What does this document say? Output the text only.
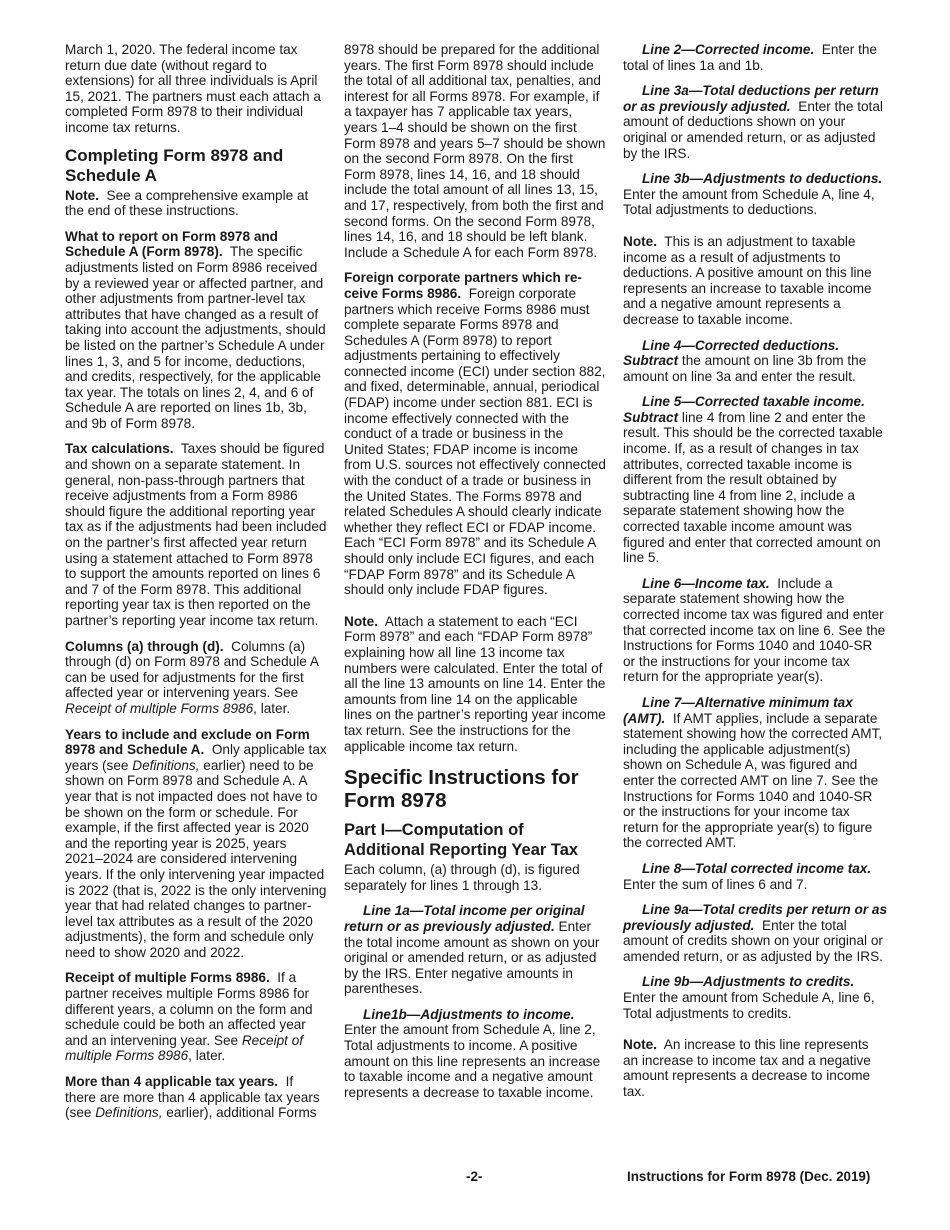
March 1, 2020. The federal income tax return due date (without regard to extensions) for all three individuals is April 15, 2021. The partners must each attach a completed Form 8978 to their individual income tax returns.

Completing Form 8978 and Schedule A

Note. See a comprehensive example at the end of these instructions.

What to report on Form 8978 and Schedule A (Form 8978). The specific adjustments listed on Form 8986 received by a reviewed year or affected partner, and other adjustments from partner-level tax attributes that have changed as a result of taking into account the adjustments, should be listed on the partner’s Schedule A under lines 1, 3, and 5 for income, deductions, and credits, respectively, for the applicable tax year. The totals on lines 2, 4, and 6 of Schedule A are reported on lines 1b, 3b, and 9b of Form 8978.

Tax calculations. Taxes should be figured and shown on a separate statement. In general, non-pass-through partners that receive adjustments from a Form 8986 should figure the additional reporting year tax as if the adjustments had been included on the partner’s first affected year return using a statement attached to Form 8978 to support the amounts reported on lines 6 and 7 of the Form 8978. This additional reporting year tax is then reported on the partner’s reporting year income tax return.

Columns (a) through (d). Columns (a) through (d) on Form 8978 and Schedule A can be used for adjustments for the first affected year or intervening years. See Receipt of multiple Forms 8986, later.

Years to include and exclude on Form 8978 and Schedule A. Only applicable tax years (see Definitions, earlier) need to be shown on Form 8978 and Schedule A. A year that is not impacted does not have to be shown on the form or schedule. For example, if the first affected year is 2020 and the reporting year is 2025, years 2021–2024 are considered intervening years. If the only intervening year impacted is 2022 (that is, 2022 is the only intervening year that had related changes to partner-level tax attributes as a result of the 2020 adjustments), the form and schedule only need to show 2020 and 2022.

Receipt of multiple Forms 8986. If a partner receives multiple Forms 8986 for different years, a column on the form and schedule could be both an affected year and an intervening year. See Receipt of multiple Forms 8986, later.

More than 4 applicable tax years. If there are more than 4 applicable tax years (see Definitions, earlier), additional Forms

8978 should be prepared for the additional years. The first Form 8978 should include the total of all additional tax, penalties, and interest for all Forms 8978. For example, if a taxpayer has 7 applicable tax years, years 1–4 should be shown on the first Form 8978 and years 5–7 should be shown on the second Form 8978. On the first Form 8978, lines 14, 16, and 18 should include the total amount of all lines 13, 15, and 17, respectively, from both the first and second forms. On the second Form 8978, lines 14, 16, and 18 should be left blank. Include a Schedule A for each Form 8978.

Foreign corporate partners which receive Forms 8986. Foreign corporate partners which receive Forms 8986 must complete separate Forms 8978 and Schedules A (Form 8978) to report adjustments pertaining to effectively connected income (ECI) under section 882, and fixed, determinable, annual, periodical (FDAP) income under section 881. ECI is income effectively connected with the conduct of a trade or business in the United States; FDAP income is income from U.S. sources not effectively connected with the conduct of a trade or business in the United States. The Forms 8978 and related Schedules A should clearly indicate whether they reflect ECI or FDAP income. Each “ECI Form 8978” and its Schedule A should only include ECI figures, and each “FDAP Form 8978” and its Schedule A should only include FDAP figures.

Note. Attach a statement to each “ECI Form 8978” and each “FDAP Form 8978” explaining how all line 13 income tax numbers were calculated. Enter the total of all the line 13 amounts on line 14. Enter the amounts from line 14 on the applicable lines on the partner’s reporting year income tax return. See the instructions for the applicable income tax return.

Specific Instructions for Form 8978
Part I—Computation of Additional Reporting Year Tax

Each column, (a) through (d), is figured separately for lines 1 through 13.

Line 1a—Total income per original return or as previously adjusted. Enter the total income amount as shown on your original or amended return, or as adjusted by the IRS. Enter negative amounts in parentheses.

Line1b—Adjustments to income. Enter the amount from Schedule A, line 2, Total adjustments to income. A positive amount on this line represents an increase to taxable income and a negative amount represents a decrease to taxable income.

Line 2—Corrected income. Enter the total of lines 1a and 1b.

Line 3a—Total deductions per return or as previously adjusted. Enter the total amount of deductions shown on your original or amended return, or as adjusted by the IRS.

Line 3b—Adjustments to deductions.  Enter the amount from Schedule A, line 4, Total adjustments to deductions.

Note. This is an adjustment to taxable income as a result of adjustments to deductions. A positive amount on this line represents an increase to taxable income and a negative amount represents a decrease to taxable income.

Line 4—Corrected deductions. Subtract the amount on line 3b from the amount on line 3a and enter the result.

Line 5—Corrected taxable income. Subtract line 4 from line 2 and enter the result. This should be the corrected taxable income. If, as a result of changes in tax attributes, corrected taxable income is different from the result obtained by subtracting line 4 from line 2, include a separate statement showing how the corrected taxable income amount was figured and enter that corrected amount on line 5.

Line 6—Income tax. Include a separate statement showing how the corrected income tax was figured and enter that corrected income tax on line 6. See the Instructions for Forms 1040 and 1040-SR or the instructions for your income tax return for the appropriate year(s).

Line 7—Alternative minimum tax (AMT). If AMT applies, include a separate statement showing how the corrected AMT, including the applicable adjustment(s) shown on Schedule A, was figured and enter the corrected AMT on line 7. See the Instructions for Forms 1040 and 1040-SR or the instructions for your income tax return for the appropriate year(s) to figure the corrected AMT.

Line 8—Total corrected income tax. Enter the sum of lines 6 and 7.

Line 9a—Total credits per return or as previously adjusted. Enter the total amount of credits shown on your original or amended return, or as adjusted by the IRS.

Line 9b—Adjustments to credits. Enter the amount from Schedule A, line 6, Total adjustments to credits.

Note. An increase to this line represents an increase to income tax and a negative amount represents a decrease to income tax.

-2-	Instructions for Form 8978 (Dec. 2019)
